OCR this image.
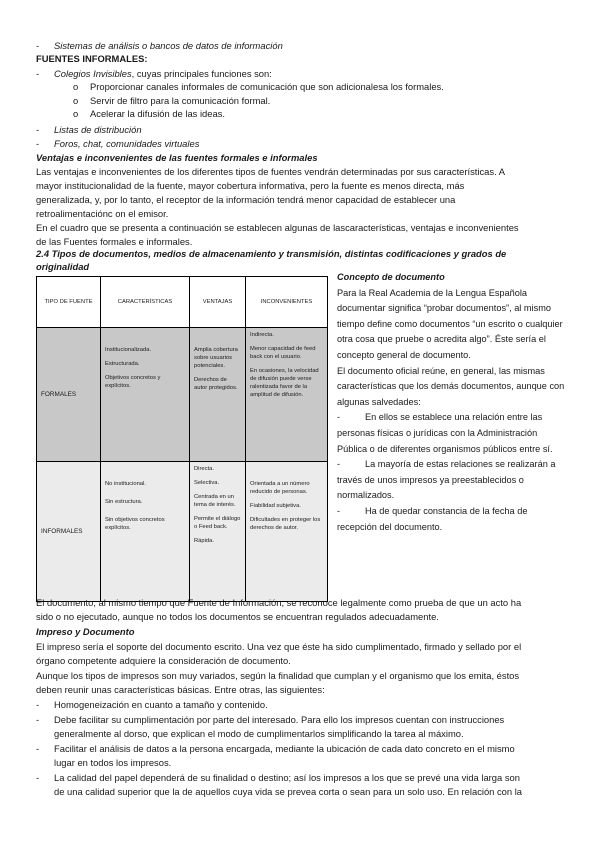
- Sistemas de análisis o bancos de datos de información
FUENTES INFORMALES:
- Colegios Invisibles, cuyas principales funciones son:
o Proporcionar canales informales de comunicación que son adicionalesa los formales.
o Servir de filtro para la comunicación formal.
o Acelerar la difusión de las ideas.
- Listas de distribución
- Foros, chat, comunidades virtuales
Ventajas e inconvenientes de las fuentes formales e informales
Las ventajas e inconvenientes de los diferentes tipos de fuentes vendrán determinadas por sus características. A
mayor institucionalidad de la fuente, mayor cobertura informativa, pero la fuente es menos directa, más
generalizada, y, por lo tanto, el receptor de la información tendrá menor capacidad de establecer una
retroalimentaciónc on el emisor.
En el cuadro que se presenta a continuación se establecen algunas de lascaracterísticas, ventajas e inconvenientes
de las Fuentes formales e informales.
2.4 Tipos de documentos, medios de almacenamiento y transmisión, distintas codificaciones y grados de
originalidad
TIPO DE FUENTE	CARACTERÍSTICAS	VENTAJAS	INCONVENIENTES
FORMALES	Institucionalizada.
Estructurada.
Objetivos concretos y explícitos.	Amplia cobertura sobre usuarios potenciales.
Derechos de autor protegidos.	Indirecta.
Menor capacidad de feed back con el usuario.
En ocasiones, la velocidad de difusión puede verse ralentizada favor de la amplitud de difusión.

INFORMALES	No institucional.
Sin estructura.
Sin objetivos concretos explícitos.	Directa.
Selectiva.
Centrada en un tema de interés.
Permite el diálogo o Feed back.
Rápida.	Orientada a un número reducido de personas.
Fiabilidad subjetiva.
Dificultades en proteger los derechos de autor.
Concepto de documento
Para la Real Academia de la Lengua Española documentar significa “probar documentos”, al mismo tiempo define como documentos “un escrito o cualquier otra cosa que pruebe o acredita algo”. Éste sería el concepto general de documento.
El documento oficial reúne, en general, las mismas características que los demás documentos, aunque con algunas salvedades:
-	En ellos se establece una relación entre las personas físicas o jurídicas con la Administración Pública o de diferentes organismos públicos entre sí.
-	La mayoría de estas relaciones se realizarán a través de unos impresos ya preestablecidos o normalizados.
-	Ha de quedar constancia de la fecha de recepción del documento.
El documento, al mismo tiempo que Fuente de Información, se reconoce legalmente como prueba de que un acto ha
sido o no ejecutado, aunque no todos los documentos se encuentran regulados adecuadamente.
Impreso y Documento
El impreso sería el soporte del documento escrito. Una vez que éste ha sido cumplimentado, firmado y sellado por el
órgano competente adquiere la consideración de documento.
Aunque los tipos de impresos son muy variados, según la finalidad que cumplan y el organismo que los emita, éstos
deben reunir unas características básicas. Entre otras, las siguientes:
- Homogeneización en cuanto a tamaño y contenido.
- Debe facilitar su cumplimentación por parte del interesado. Para ello los impresos cuentan con instrucciones
generalmente al dorso, que explican el modo de cumplimentarlos simplificando la tarea al máximo.
- Facilitar el análisis de datos a la persona encargada, mediante la ubicación de cada dato concreto en el mismo
lugar en todos los impresos.
- La calidad del papel dependerá de su finalidad o destino; así los impresos a los que se prevé una vida larga son
de una calidad superior que la de aquellos cuya vida se prevea corta o sean para un solo uso. En relación con la
